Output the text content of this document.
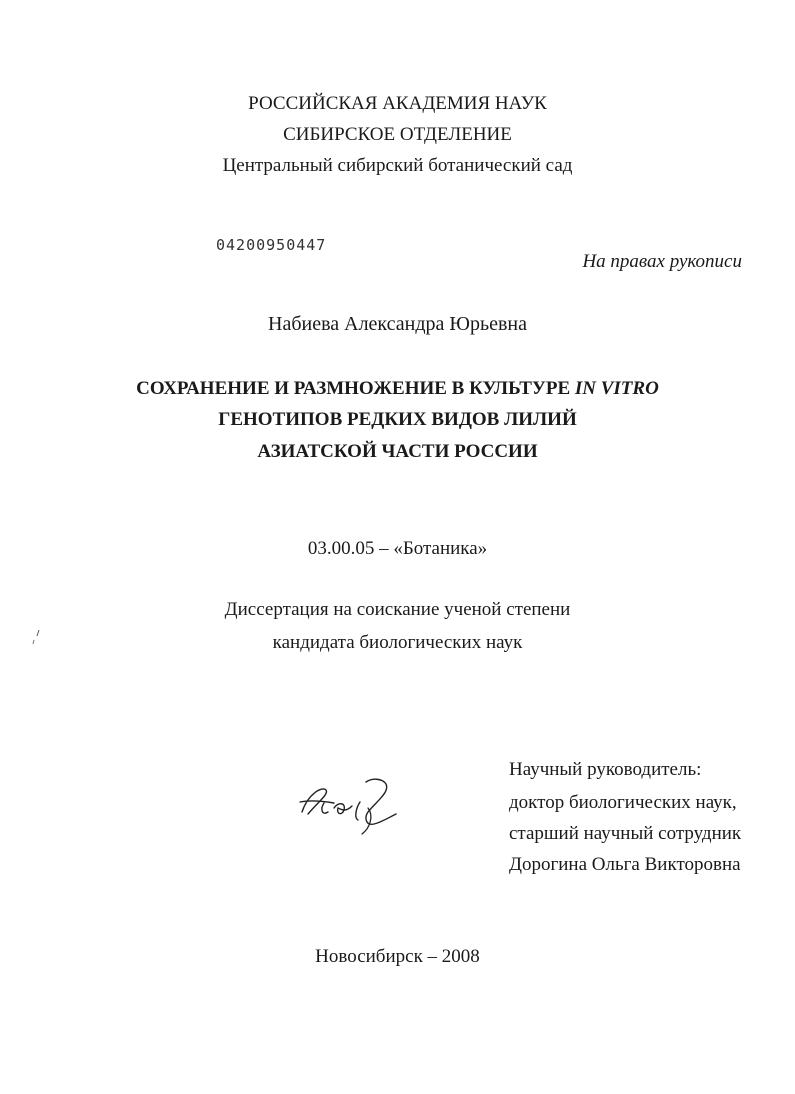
РОССИЙСКАЯ АКАДЕМИЯ НАУК
СИБИРСКОЕ ОТДЕЛЕНИЕ
Центральный сибирский ботанический сад
04200950447
На правах рукописи
Набиева Александра Юрьевна
СОХРАНЕНИЕ И РАЗМНОЖЕНИЕ В КУЛЬТУРЕ IN VITRO
ГЕНОТИПОВ РЕДКИХ ВИДОВ ЛИЛИЙ
АЗИАТСКОЙ ЧАСТИ РОССИИ
03.00.05 – «Ботаника»
Диссертация на соискание ученой степени
кандидата биологических наук
Научный руководитель:
доктор биологических наук,
старший научный сотрудник
Дорогина Ольга Викторовна
Новосибирск – 2008
